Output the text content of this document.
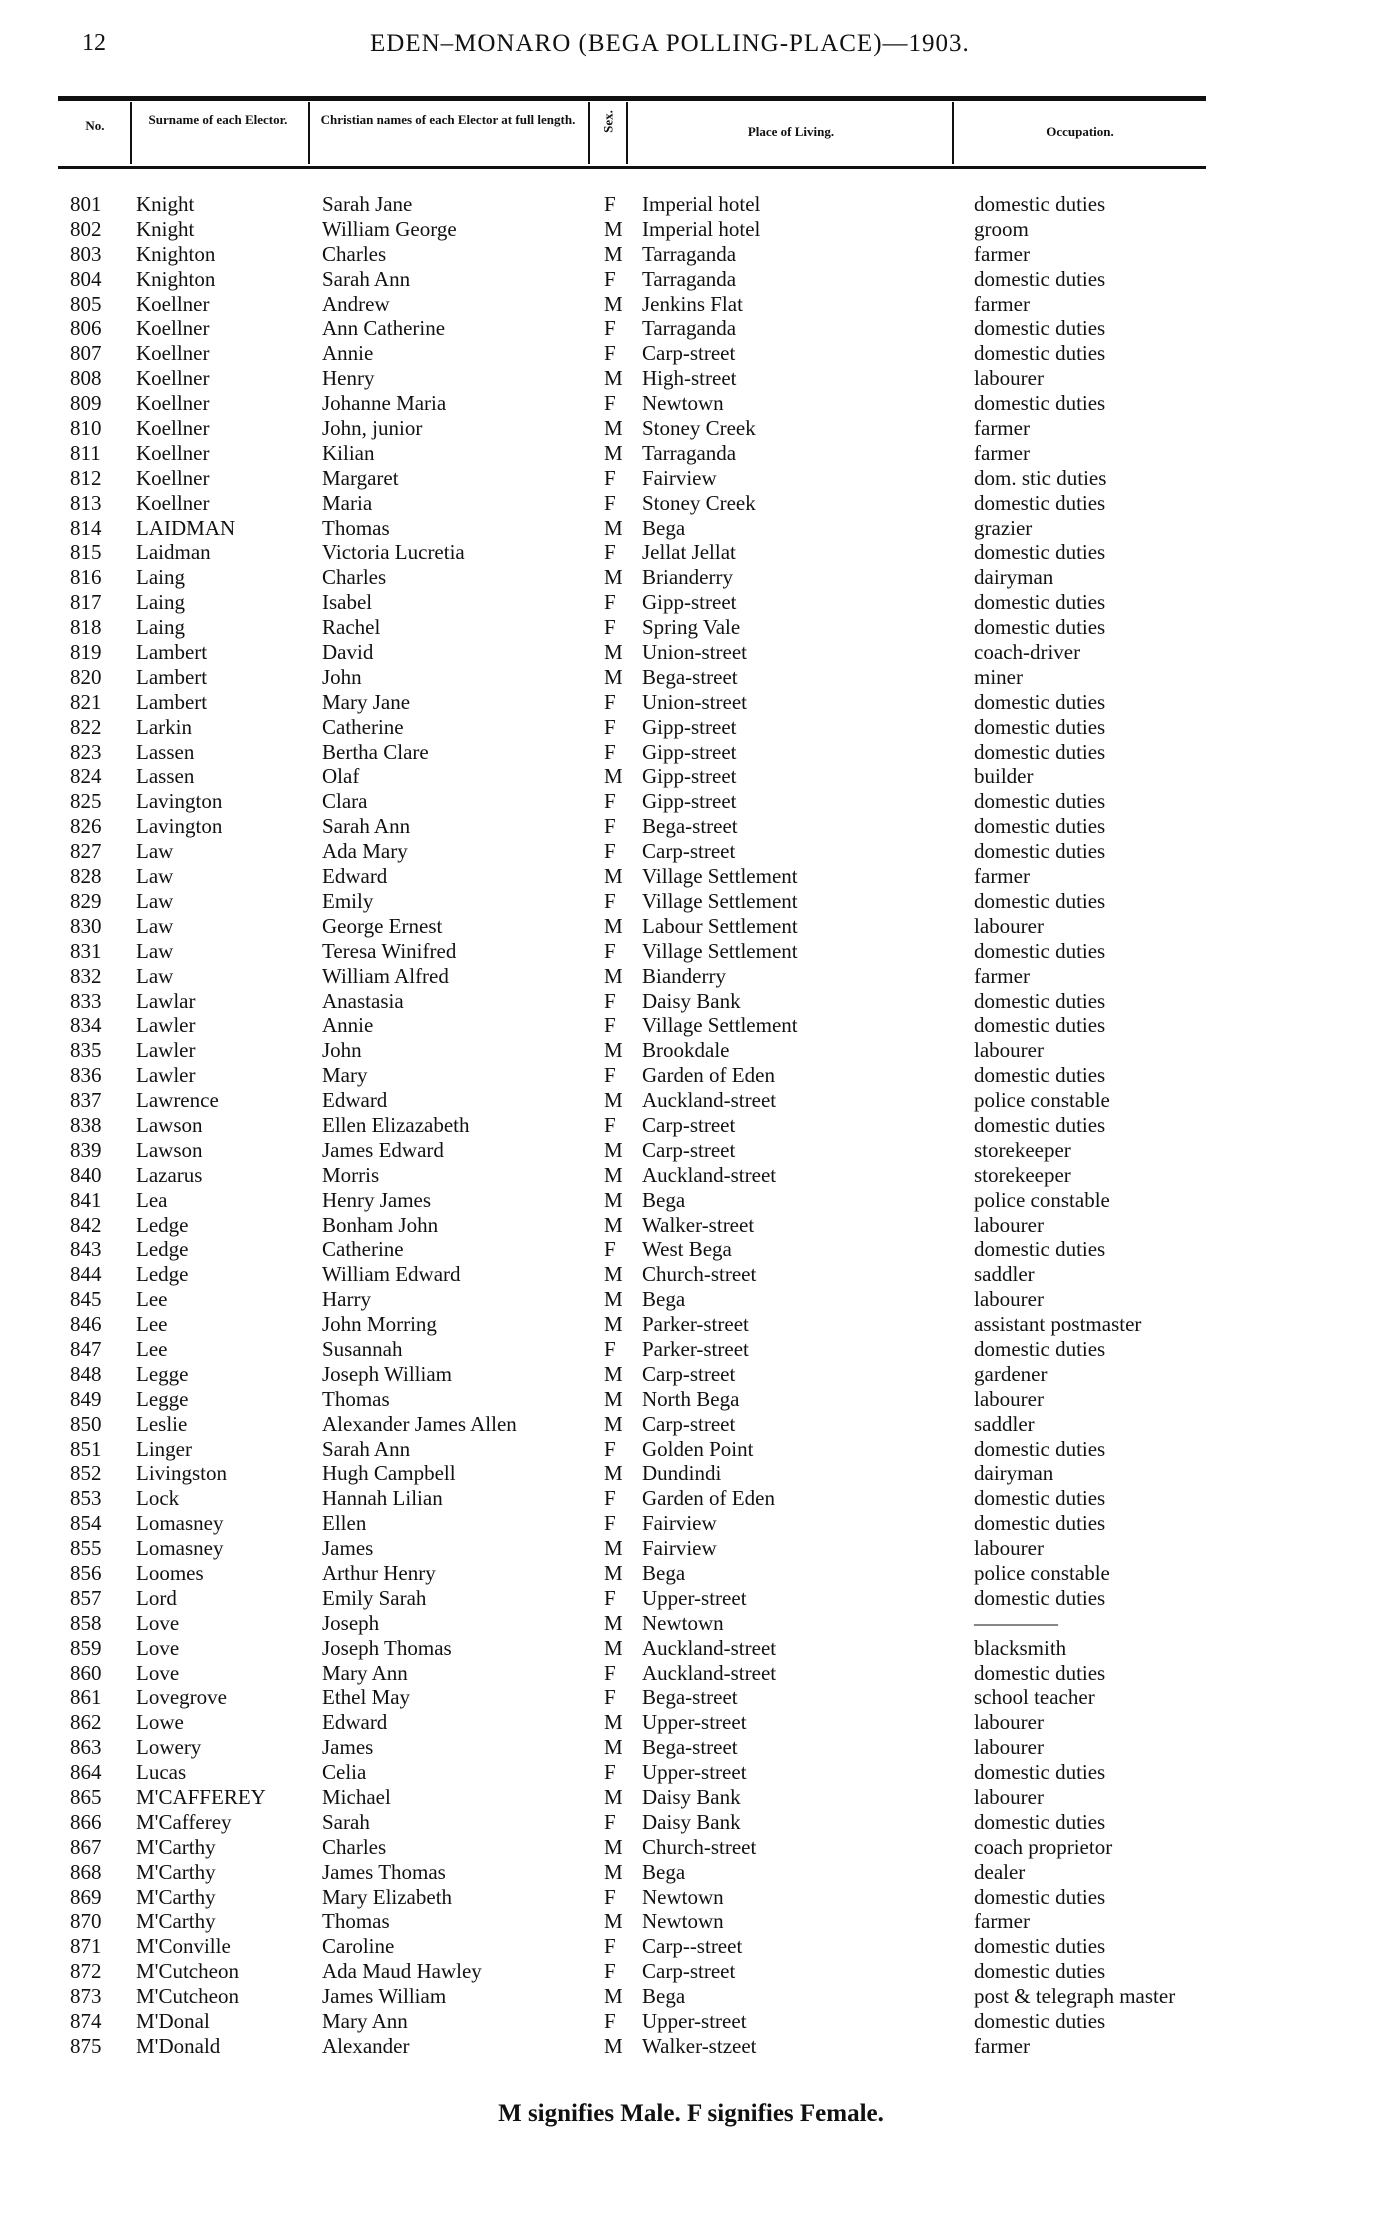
12	EDEN–MONARO (BEGA POLLING-PLACE)—1903.
No.	Surname of each Elector.	Christian names of each Elector at full length.	Sex.	Place of Living.	Occupation.
801 Knight	Sarah Jane	F Imperial hotel	domestic duties
802 Knight	William George	M Imperial hotel	groom
803 Knighton	Charles	M Tarraganda	farmer
804 Knighton	Sarah Ann	F Tarraganda	domestic duties
805 Koellner	Andrew	M Jenkins Flat	farmer
806 Koellner	Ann Catherine	F Tarraganda	domestic duties
807 Koellner	Annie	F Carp-street	domestic duties
808 Koellner	Henry	M High-street	labourer
809 Koellner	Johanne Maria	F Newtown	domestic duties
810 Koellner	John, junior	M Stoney Creek	farmer
811 Koellner	Kilian	M Tarraganda	farmer
812 Koellner	Margaret	F Fairview	dom. stic duties
813 Koellner	Maria	F Stoney Creek	domestic duties
814 LAIDMAN	Thomas	M Bega	grazier
815 Laidman	Victoria Lucretia	F Jellat Jellat	domestic duties
816 Laing	Charles	M Brianderry	dairyman
817 Laing	Isabel	F Gipp-street	domestic duties
818 Laing	Rachel	F Spring Vale	domestic duties
819 Lambert	David	M Union-street	coach-driver
820 Lambert	John	M Bega-street	miner
821 Lambert	Mary Jane	F Union-street	domestic duties
822 Larkin	Catherine	F Gipp-street	domestic duties
823 Lassen	Bertha Clare	F Gipp-street	domestic duties
824 Lassen	Olaf	M Gipp-street	builder
825 Lavington	Clara	F Gipp-street	domestic duties
826 Lavington	Sarah Ann	F Bega-street	domestic duties
827 Law	Ada Mary	F Carp-street	domestic duties
828 Law	Edward	M Village Settlement	farmer
829 Law	Emily	F Village Settlement	domestic duties
830 Law	George Ernest	M Labour Settlement	labourer
831 Law	Teresa Winifred	F Village Settlement	domestic duties
832 Law	William Alfred	M Bianderry	farmer
833 Lawlar	Anastasia	F Daisy Bank	domestic duties
834 Lawler	Annie	F Village Settlement	domestic duties
835 Lawler	John	M Brookdale	labourer
836 Lawler	Mary	F Garden of Eden	domestic duties
837 Lawrence	Edward	M Auckland-street	police constable
838 Lawson	Ellen Elizazabeth	F Carp-street	domestic duties
839 Lawson	James Edward	M Carp-street	storekeeper
840 Lazarus	Morris	M Auckland-street	storekeeper
841 Lea	Henry James	M Bega	police constable
842 Ledge	Bonham John	M Walker-street	labourer
843 Ledge	Catherine	F West Bega	domestic duties
844 Ledge	William Edward	M Church-street	saddler
845 Lee	Harry	M Bega	labourer
846 Lee	John Morring	M Parker-street	assistant postmaster
847 Lee	Susannah	F Parker-street	domestic duties
848 Legge	Joseph William	M Carp-street	gardener
849 Legge	Thomas	M North Bega	labourer
850 Leslie	Alexander James Allen	M Carp-street	saddler
851 Linger	Sarah Ann	F Golden Point	domestic duties
852 Livingston	Hugh Campbell	M Dundindi	dairyman
853 Lock	Hannah Lilian	F Garden of Eden	domestic duties
854 Lomasney	Ellen	F Fairview	domestic duties
855 Lomasney	James	M Fairview	labourer
856 Loomes	Arthur Henry	M Bega	police constable
857 Lord	Emily Sarah	F Upper-street	domestic duties
858 Love	Joseph	M Newtown	————
859 Love	Joseph Thomas	M Auckland-street	blacksmith
860 Love	Mary Ann	F Auckland-street	domestic duties
861 Lovegrove	Ethel May	F Bega-street	school teacher
862 Lowe	Edward	M Upper-street	labourer
863 Lowery	James	M Bega-street	labourer
864 Lucas	Celia	F Upper-street	domestic duties
865 M'CAFFEREY	Michael	M Daisy Bank	labourer
866 M'Cafferey	Sarah	F Daisy Bank	domestic duties
867 M'Carthy	Charles	M Church-street	coach proprietor
868 M'Carthy	James Thomas	M Bega	dealer
869 M'Carthy	Mary Elizabeth	F Newtown	domestic duties
870 M'Carthy	Thomas	M Newtown	farmer
871 M'Conville	Caroline	F Carp--street	domestic duties
872 M'Cutcheon	Ada Maud Hawley	F Carp-street	domestic duties
873 M'Cutcheon	James William	M Bega	post & telegraph master
874 M'Donal	Mary Ann	F Upper-street	domestic duties
875 M'Donald	Alexander	M Walker-stzeet	farmer
M signifies Male. F signifies Female.
